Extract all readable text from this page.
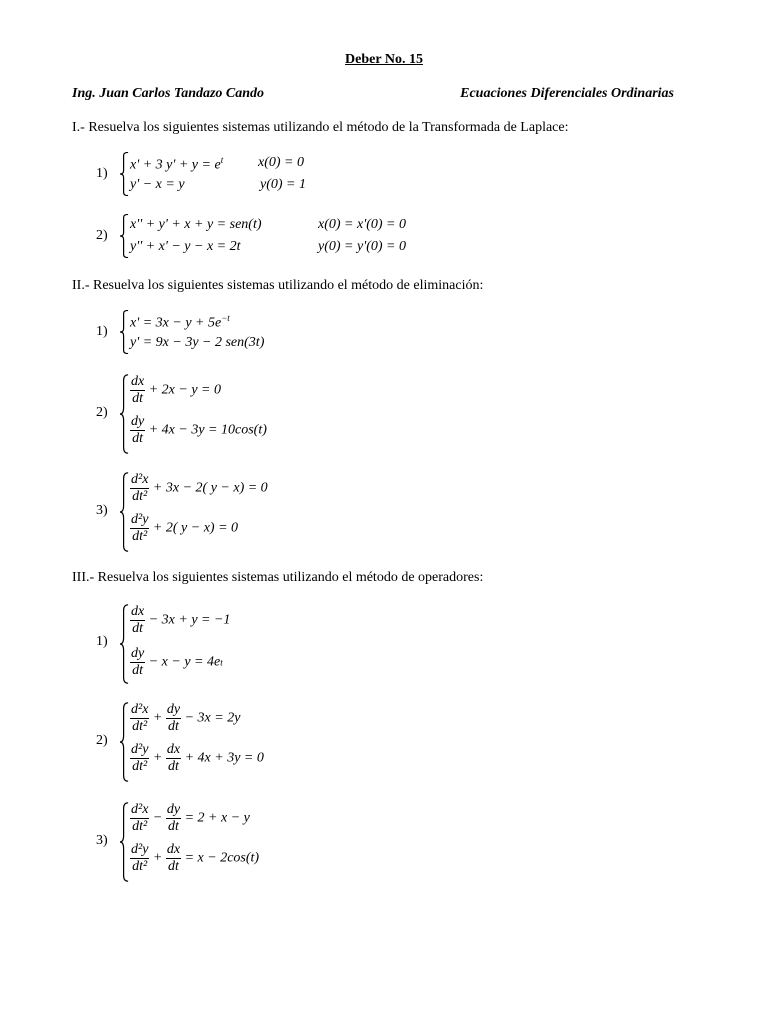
Deber No. 15
Ing. Juan Carlos Tandazo Cando	Ecuaciones Diferenciales Ordinarias
I.- Resuelva los siguientes sistemas utilizando el método de la Transformada de Laplace:
1)
x' + 3 $y' + y = e^t$
y' − x = y
x(0) = 0
y(0) = 1
2)
x'' + y' + x + y = sen(t)
y'' + x' − y − x = 2t
x(0) = x'(0) = 0
y(0) = y'(0) = 0
II.- Resuelva los siguientes sistemas utilizando el método de eliminación:
1)
$x' = 3x - y + 5e^{-t}$
y' = 9x − 3y − 2 sen(3t)
2)
$\frac{dx}{dt} + 2x - y = 0$
$\frac{dy}{dt} + 4x - 3y = 10\cos(t)$
3)
$\frac{\text{d²x}}{\text{dt²}} + 3x - 2$( y − x) = 0
$\frac{\text{d²y}}{\text{dt²}} + 2$( y − x) = 0
III.- Resuelva los siguientes sistemas utilizando el método de operadores:
1)
$\frac{dx}{dt} - 3x + y = -1$
$\frac{dy}{dt} - x - y = 4et$
2)
$\frac{\text{d²x}}{\text{dt²}} + \frac{dy}{dt} - 3x = 2y$
$\frac{\text{d²y}}{\text{dt²}} + \frac{dx}{dt} + 4x + 3y = 0$
3)
$\frac{\text{d²x}}{\text{dt²}} - \frac{dy}{dt} = 2 + x - y$
$\frac{\text{d²y}}{\text{dt²}} + \frac{dx}{dt} = x - 2\cos(t)$
